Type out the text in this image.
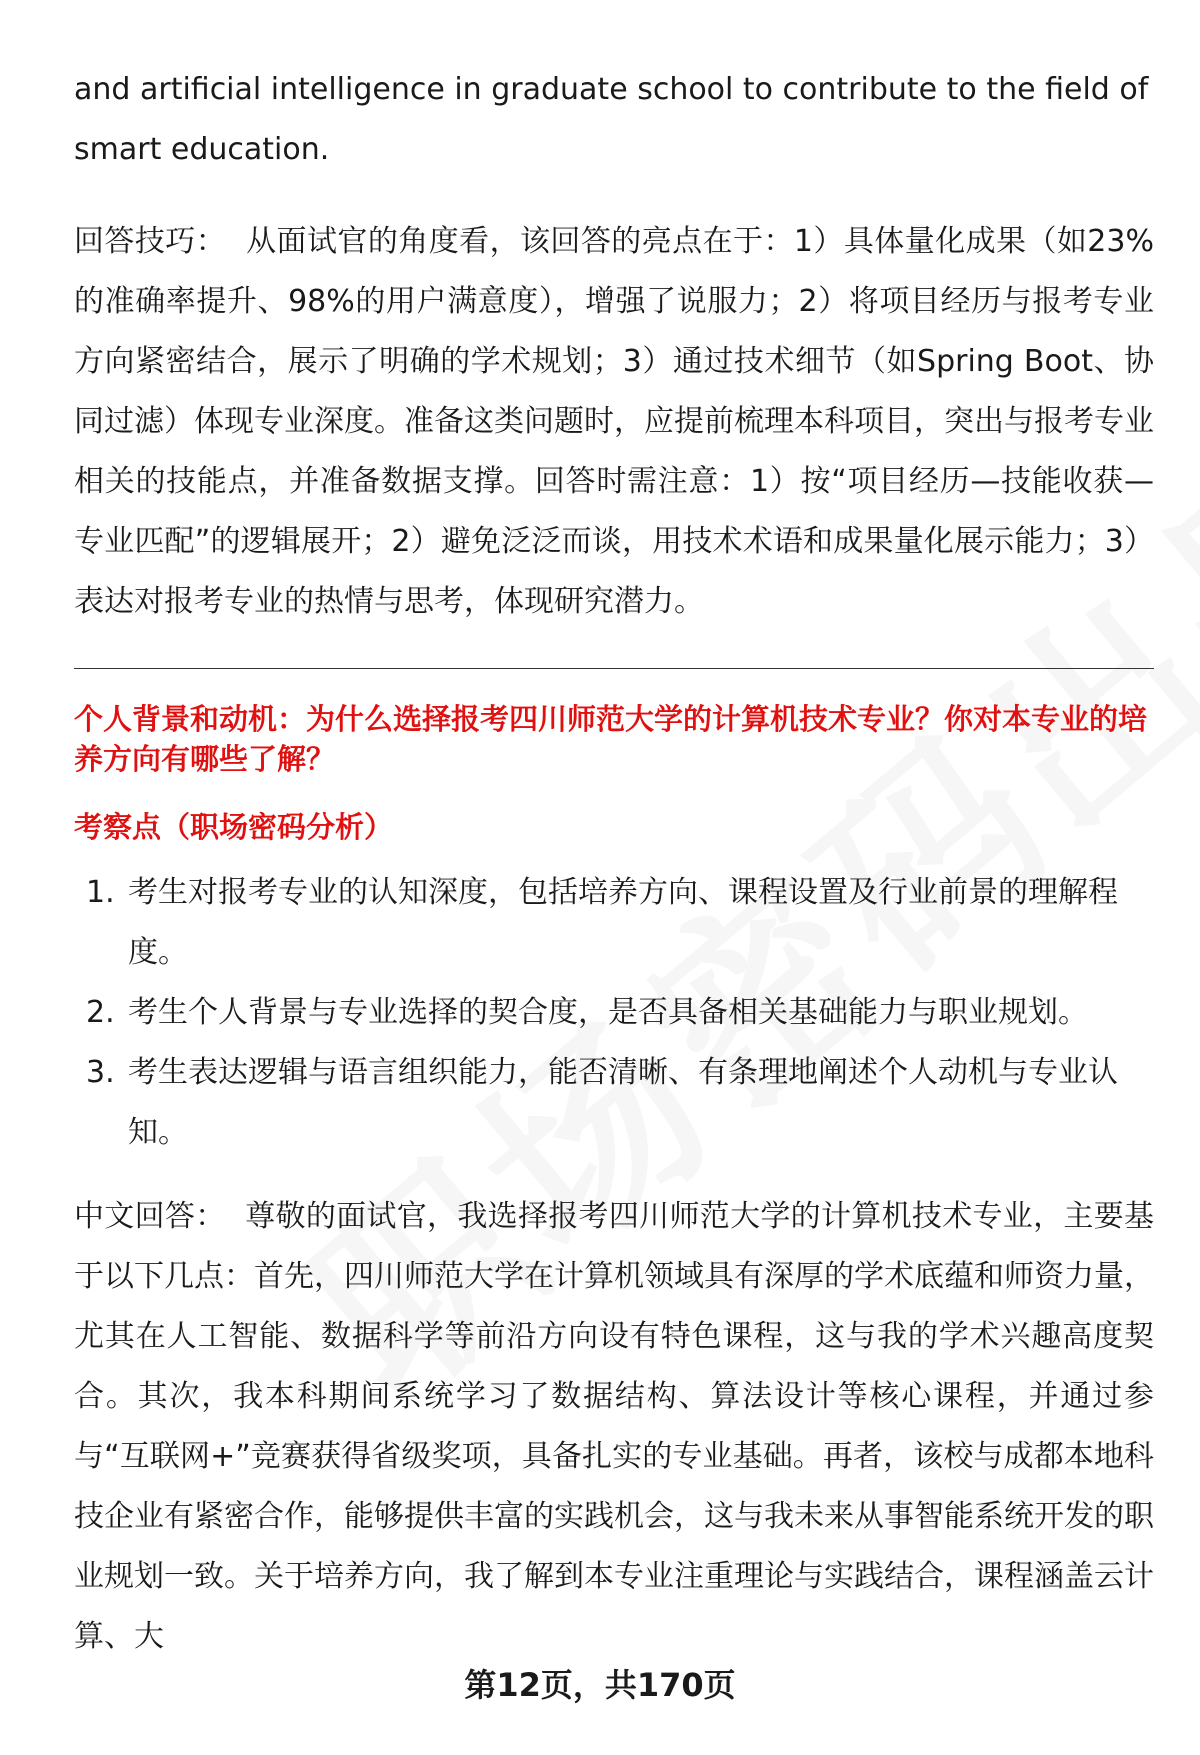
and artificial intelligence in graduate school to contribute to the field of smart education.

回答技巧： 从面试官的角度看，该回答的亮点在于：1）具体量化成果（如23%的准确率提升、98%的用户满意度），增强了说服力；2）将项目经历与报考专业方向紧密结合，展示了明确的学术规划；3）通过技术细节（如Spring Boot、协同过滤）体现专业深度。准备这类问题时，应提前梳理本科项目，突出与报考专业相关的技能点，并准备数据支撑。回答时需注意：1）按“项目经历—技能收获—专业匹配”的逻辑展开；2）避免泛泛而谈，用技术术语和成果量化展示能力；3）表达对报考专业的热情与思考，体现研究潜力。

个人背景和动机：为什么选择报考四川师范大学的计算机技术专业？你对本专业的培养方向有哪些了解？

考察点（职场密码分析）

1. 考生对报考专业的认知深度，包括培养方向、课程设置及行业前景的理解程度。
2. 考生个人背景与专业选择的契合度，是否具备相关基础能力与职业规划。
3. 考生表达逻辑与语言组织能力，能否清晰、有条理地阐述个人动机与专业认知。

中文回答： 尊敬的面试官，我选择报考四川师范大学的计算机技术专业，主要基于以下几点：首先，四川师范大学在计算机领域具有深厚的学术底蕴和师资力量，尤其在人工智能、数据科学等前沿方向设有特色课程，这与我的学术兴趣高度契合。其次，我本科期间系统学习了数据结构、算法设计等核心课程，并通过参与“互联网+”竞赛获得省级奖项，具备扎实的专业基础。再者，该校与成都本地科技企业有紧密合作，能够提供丰富的实践机会，这与我未来从事智能系统开发的职业规划一致。关于培养方向，我了解到本专业注重理论与实践结合，课程涵盖云计算、大

第12页，共170页
